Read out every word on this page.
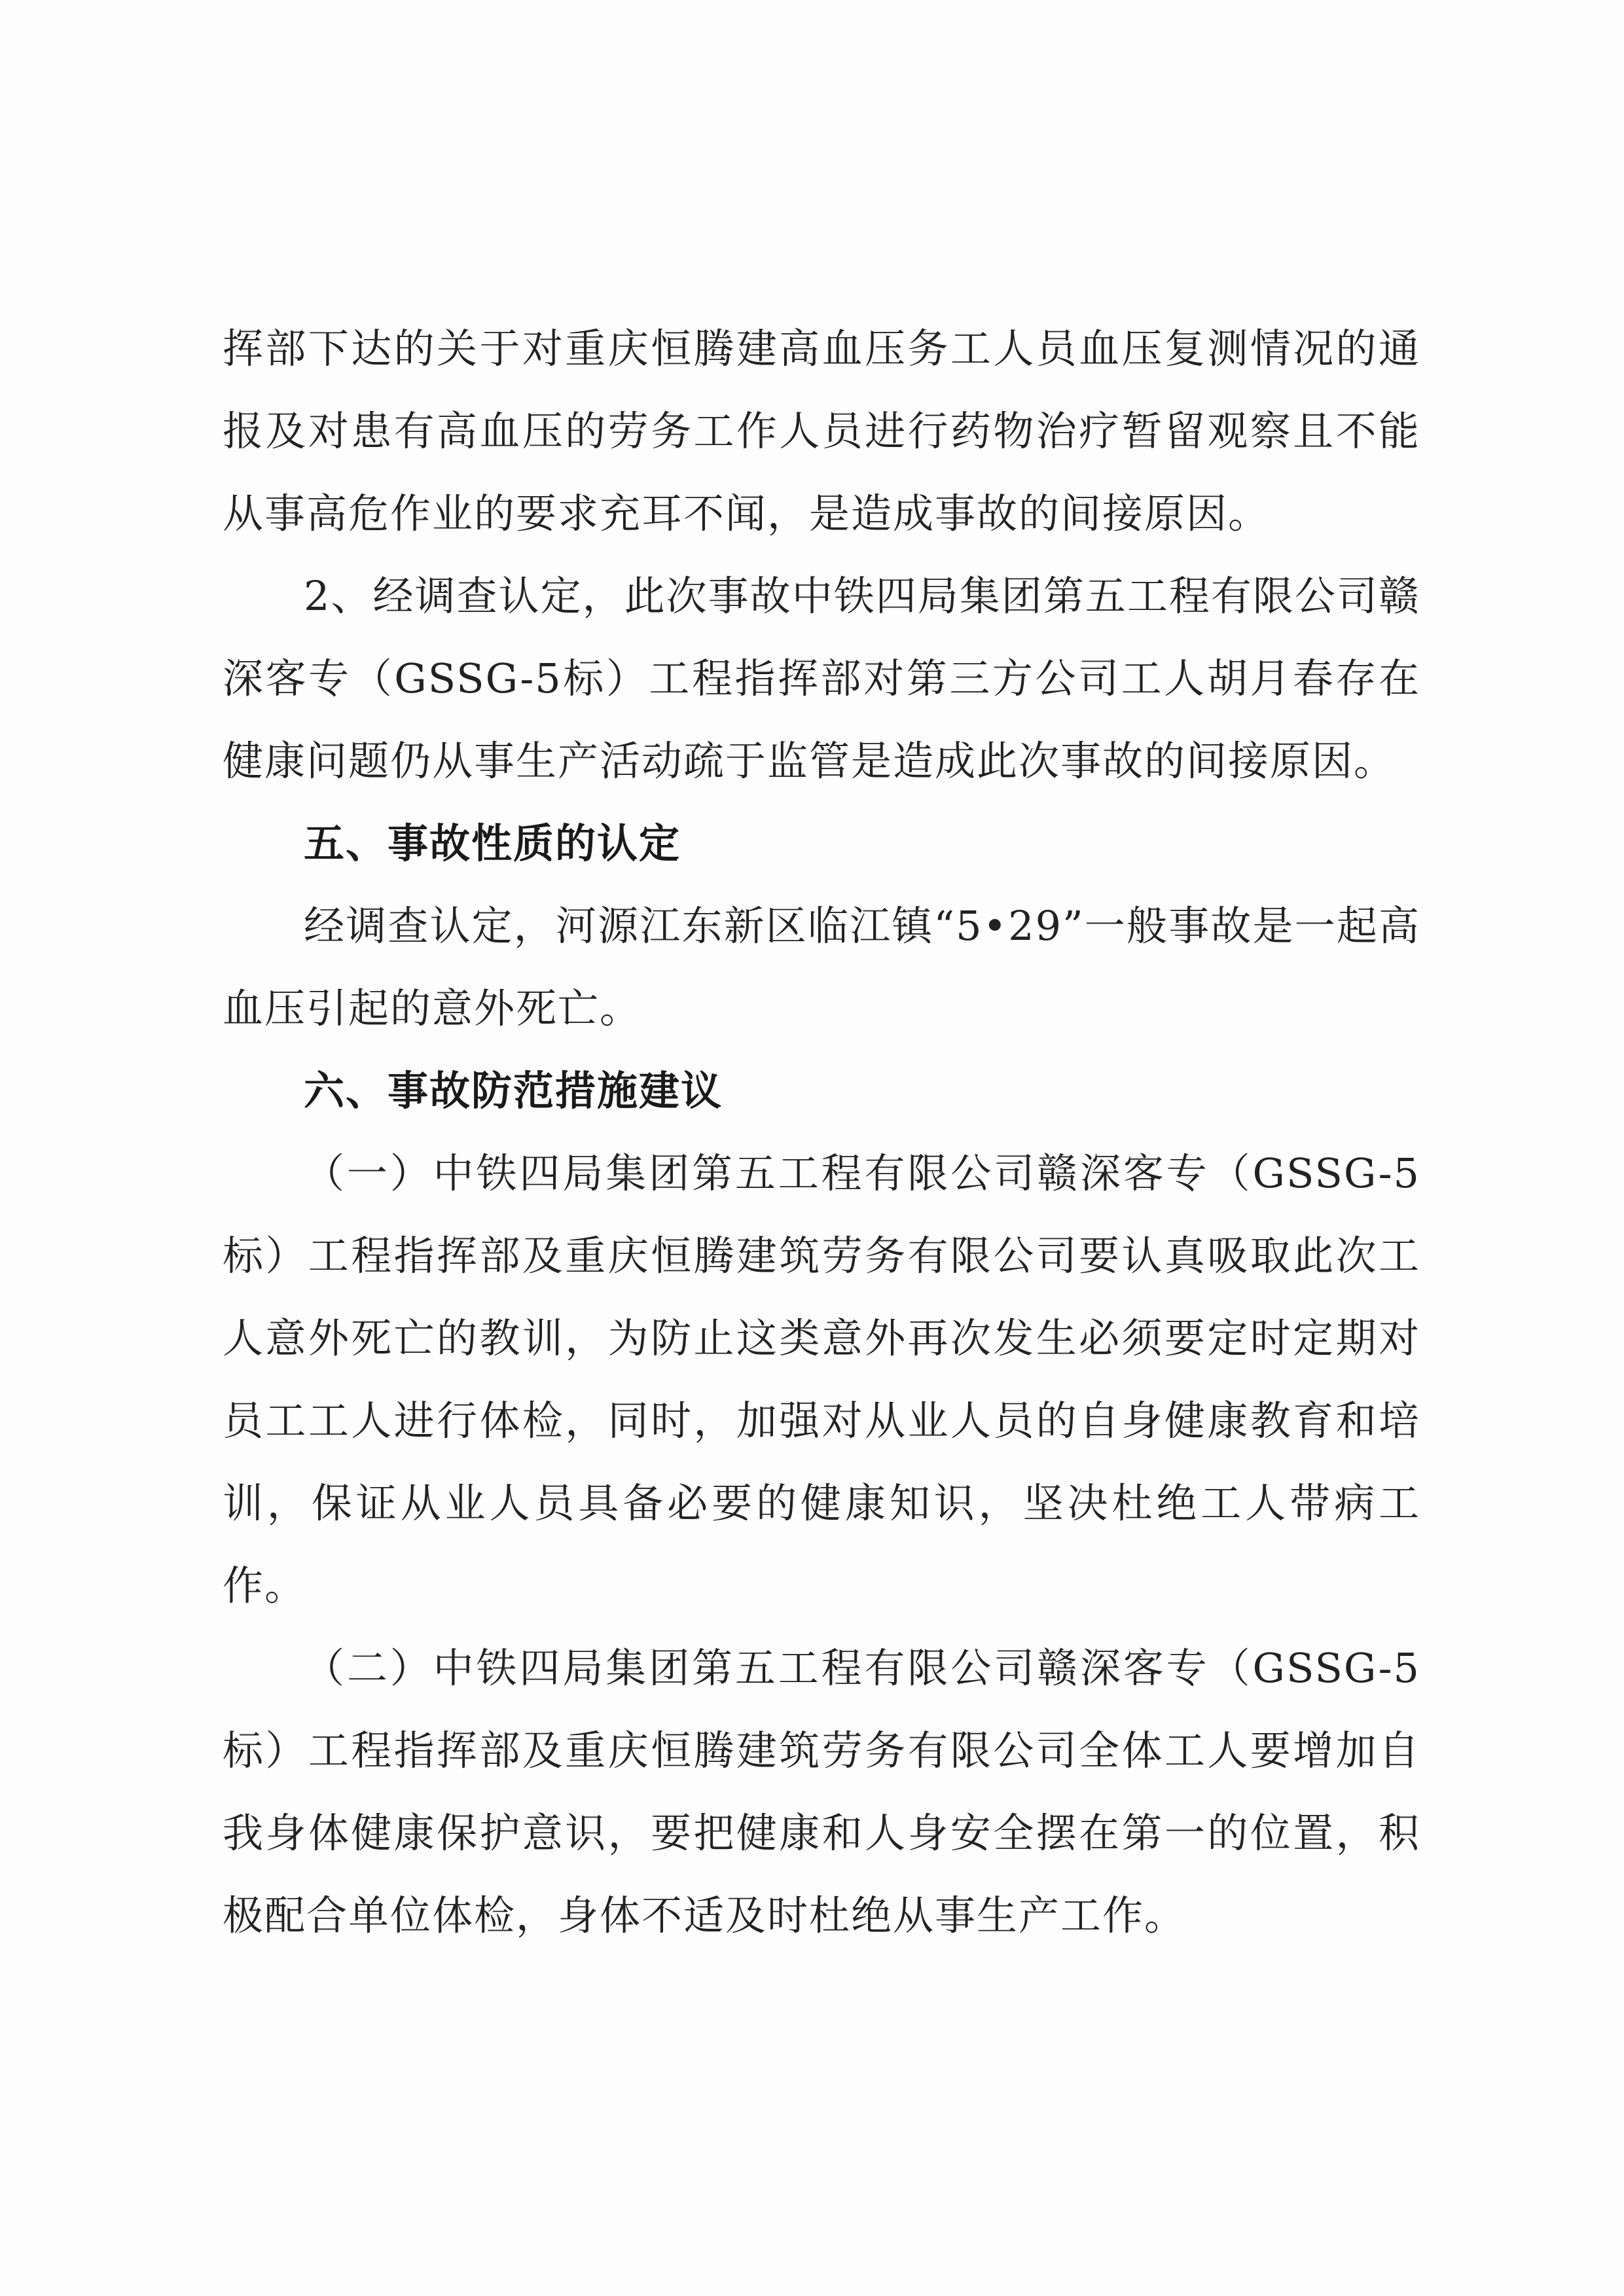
挥部下达的关于对重庆恒腾建高血压务工人员血压复测情况的通报及对患有高血压的劳务工作人员进行药物治疗暂留观察且不能从事高危作业的要求充耳不闻，是造成事故的间接原因。

2、经调查认定，此次事故中铁四局集团第五工程有限公司赣深客专（GSSG-5标）工程指挥部对第三方公司工人胡月春存在健康问题仍从事生产活动疏于监管是造成此次事故的间接原因。

五、事故性质的认定

经调查认定，河源江东新区临江镇“5•29”一般事故是一起高血压引起的意外死亡。

六、事故防范措施建议

（一）中铁四局集团第五工程有限公司赣深客专（GSSG-5标）工程指挥部及重庆恒腾建筑劳务有限公司要认真吸取此次工人意外死亡的教训，为防止这类意外再次发生必须要定时定期对员工工人进行体检，同时，加强对从业人员的自身健康教育和培训，保证从业人员具备必要的健康知识，坚决杜绝工人带病工作。

（二）中铁四局集团第五工程有限公司赣深客专（GSSG-5标）工程指挥部及重庆恒腾建筑劳务有限公司全体工人要增加自我身体健康保护意识，要把健康和人身安全摆在第一的位置，积极配合单位体检，身体不适及时杜绝从事生产工作。
